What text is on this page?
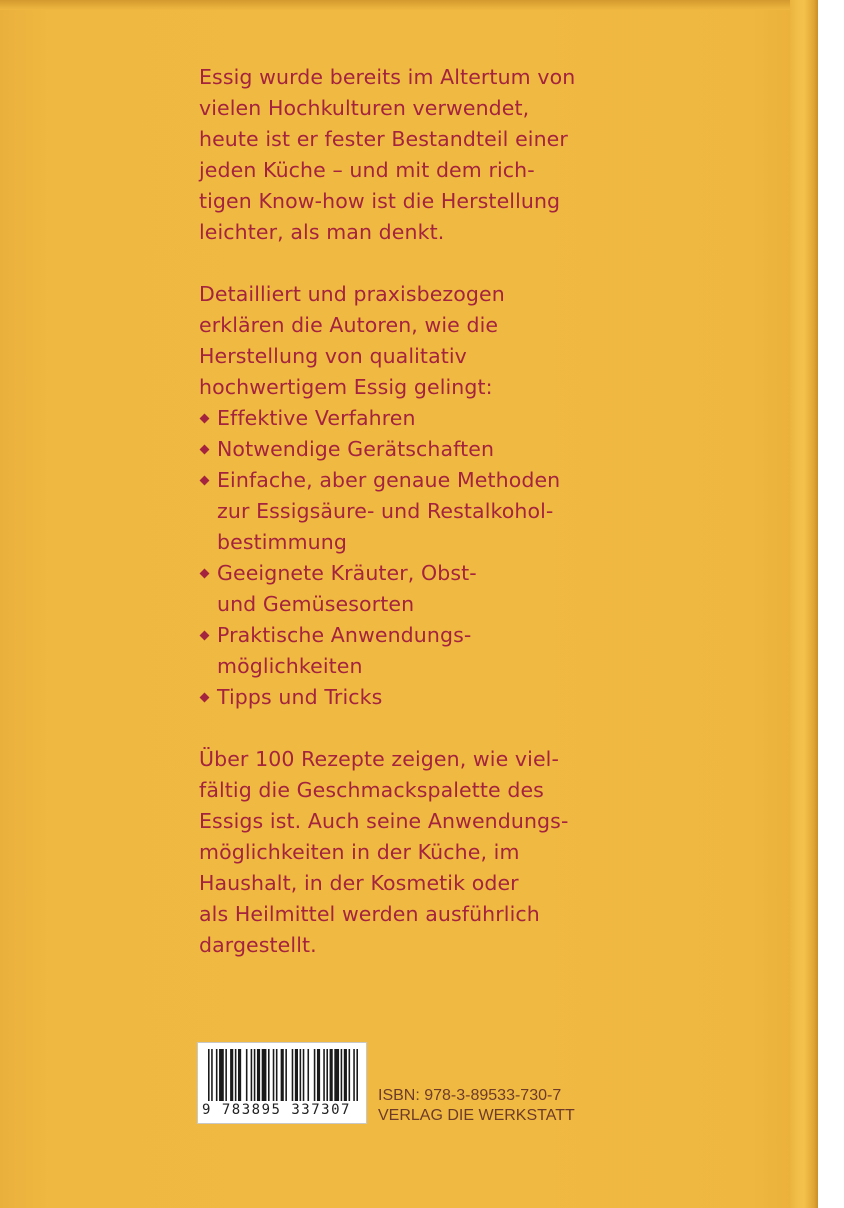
Essig wurde bereits im Altertum von
vielen Hochkulturen verwendet,
heute ist er fester Bestandteil einer
jeden Küche – und mit dem rich-
tigen Know-how ist die Herstellung
leichter, als man denkt.
Detailliert und praxisbezogen
erklären die Autoren, wie die
Herstellung von qualitativ
hochwertigem Essig gelingt:
Effektive Verfahren
Notwendige Gerätschaften
Einfache, aber genaue Methoden
zur Essigsäure- und Restalkohol-
bestimmung
Geeignete Kräuter, Obst-
und Gemüsesorten
Praktische Anwendungs-
möglichkeiten
Tipps und Tricks
Über 100 Rezepte zeigen, wie viel-
fältig die Geschmackspalette des
Essigs ist. Auch seine Anwendungs-
möglichkeiten in der Küche, im
Haushalt, in der Kosmetik oder
als Heilmittel werden ausführlich
dargestellt.
9 783895 337307
ISBN: 978-3-89533-730-7
VERLAG DIE WERKSTATT
